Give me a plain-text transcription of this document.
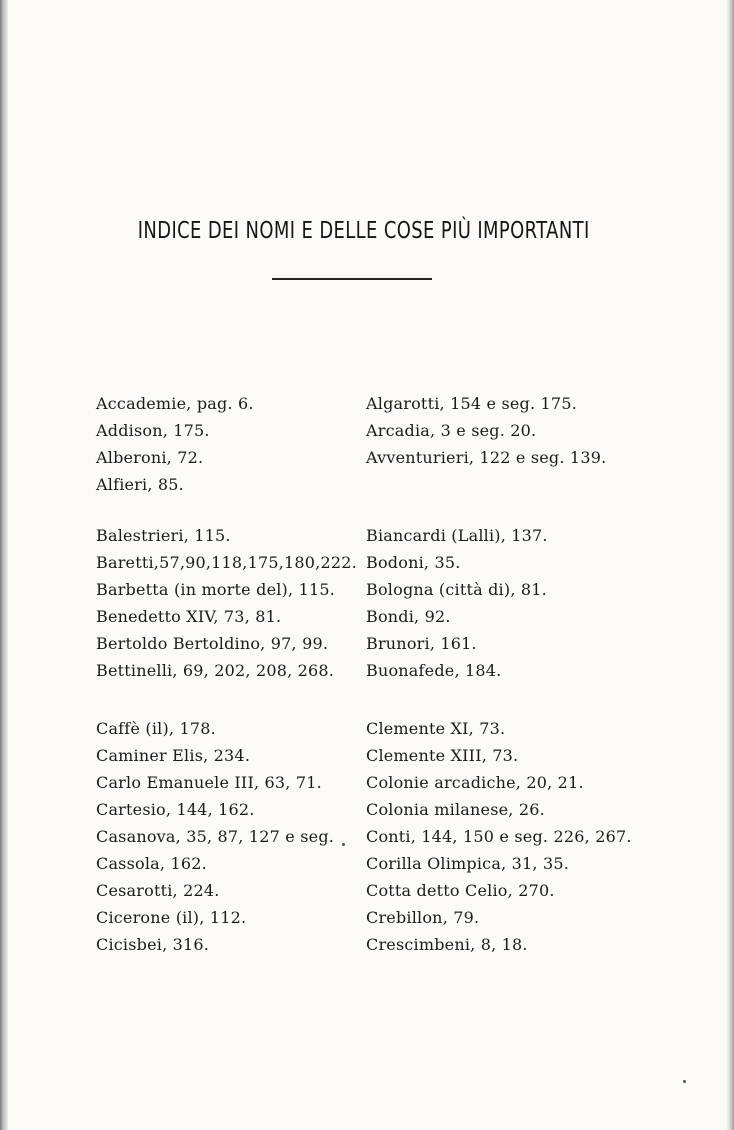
INDICE DEI NOMI E DELLE COSE PIÙ IMPORTANTI
Accademie, pag. 6.
Addison, 175.
Alberoni, 72.
Alfieri, 85.
Algarotti, 154 e seg. 175.
Arcadia, 3 e seg. 20.
Avventurieri, 122 e seg. 139.
Balestrieri, 115.
Baretti,57,90,118,175,180,222.
Barbetta (in morte del), 115.
Benedetto XIV, 73, 81.
Bertoldo Bertoldino, 97, 99.
Bettinelli, 69, 202, 208, 268.
Biancardi (Lalli), 137.
Bodoni, 35.
Bologna (città di), 81.
Bondi, 92.
Brunori, 161.
Buonafede, 184.
Caffè (il), 178.
Caminer Elis, 234.
Carlo Emanuele III, 63, 71.
Cartesio, 144, 162.
Casanova, 35, 87, 127 e seg.
Cassola, 162.
Cesarotti, 224.
Cicerone (il), 112.
Cicisbei, 316.
Clemente XI, 73.
Clemente XIII, 73.
Colonie arcadiche, 20, 21.
Colonia milanese, 26.
Conti, 144, 150 e seg. 226, 267.
Corilla Olimpica, 31, 35.
Cotta detto Celio, 270.
Crebillon, 79.
Crescimbeni, 8, 18.
